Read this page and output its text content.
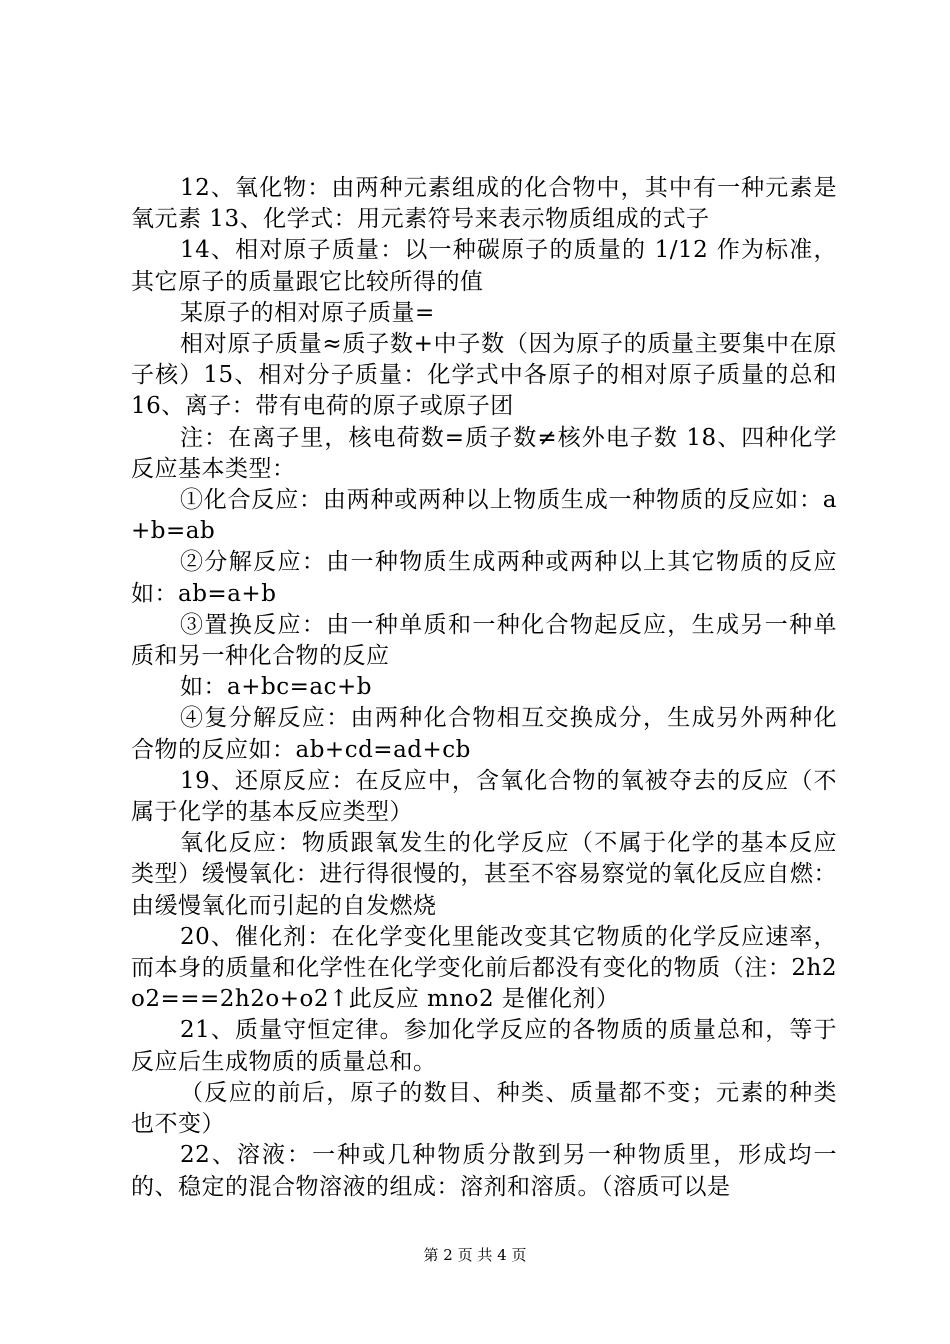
12、氧化物：由两种元素组成的化合物中，其中有一种元素是氧元素 13、化学式：用元素符号来表示物质组成的式子

14、相对原子质量：以一种碳原子的质量的 1/12 作为标准，其它原子的质量跟它比较所得的值

某原子的相对原子质量=

相对原子质量≈质子数+中子数（因为原子的质量主要集中在原子核）15、相对分子质量：化学式中各原子的相对原子质量的总和 16、离子：带有电荷的原子或原子团

注：在离子里，核电荷数=质子数≠核外电子数 18、四种化学反应基本类型：

①化合反应：由两种或两种以上物质生成一种物质的反应如：a+b=ab

②分解反应：由一种物质生成两种或两种以上其它物质的反应如：ab=a+b

③置换反应：由一种单质和一种化合物起反应，生成另一种单质和另一种化合物的反应

如：a+bc=ac+b

④复分解反应：由两种化合物相互交换成分，生成另外两种化合物的反应如：ab+cd=ad+cb

19、还原反应：在反应中，含氧化合物的氧被夺去的反应（不属于化学的基本反应类型）

氧化反应：物质跟氧发生的化学反应（不属于化学的基本反应类型）缓慢氧化：进行得很慢的，甚至不容易察觉的氧化反应自燃：由缓慢氧化而引起的自发燃烧

20、催化剂：在化学变化里能改变其它物质的化学反应速率，而本身的质量和化学性在化学变化前后都没有变化的物质（注：2h2o2===2h2o+o2↑此反应 mno2 是催化剂）

21、质量守恒定律。参加化学反应的各物质的质量总和，等于反应后生成物质的质量总和。

（反应的前后，原子的数目、种类、质量都不变；元素的种类也不变）

22、溶液：一种或几种物质分散到另一种物质里，形成均一的、稳定的混合物溶液的组成：溶剂和溶质。（溶质可以是

第 2 页 共 4 页
